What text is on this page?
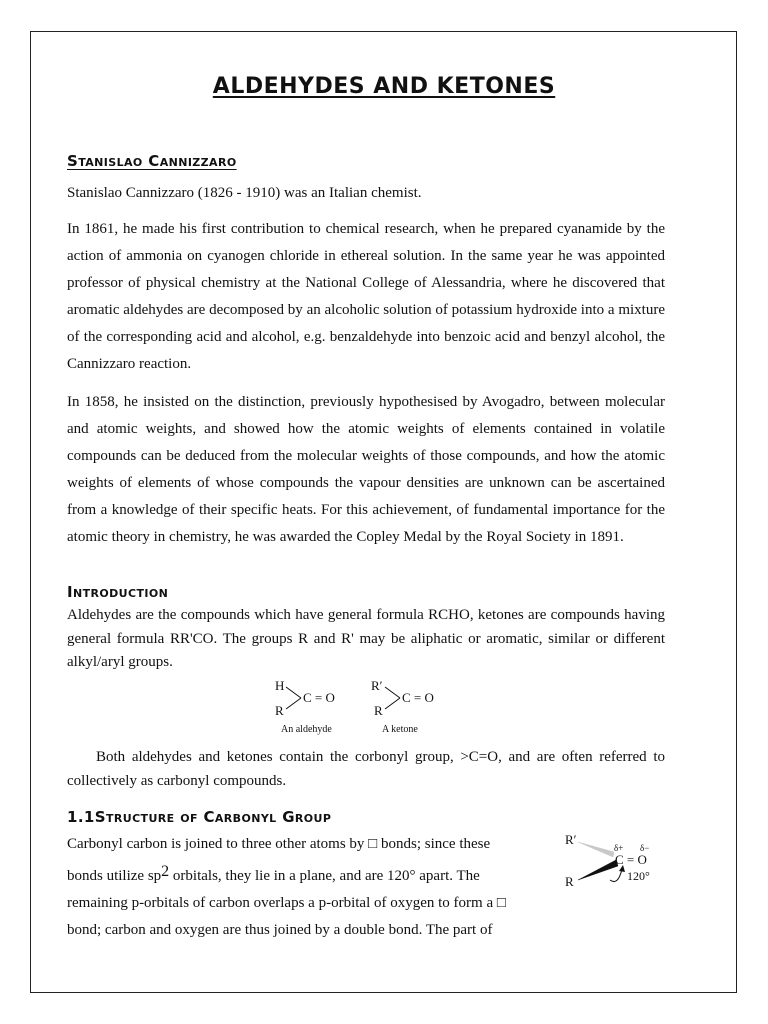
ALDEHYDES AND KETONES
Stanislao Cannizzaro
Stanislao Cannizzaro (1826 - 1910) was an Italian chemist.
In 1861, he made his first contribution to chemical research, when he prepared cyanamide by the action of ammonia on cyanogen chloride in ethereal solution. In the same year he was appointed professor of physical chemistry at the National College of Alessandria, where he discovered that aromatic aldehydes are decomposed by an alcoholic solution of potassium hydroxide into a mixture of the corresponding acid and alcohol, e.g. benzaldehyde into benzoic acid and benzyl alcohol, the Cannizzaro reaction.
In 1858, he insisted on the distinction, previously hypothesised by Avogadro, between molecular and atomic weights, and showed how the atomic weights of elements contained in volatile compounds can be deduced from the molecular weights of those compounds, and how the atomic weights of elements of whose compounds the vapour densities are unknown can be ascertained from a knowledge of their specific heats. For this achievement, of fundamental importance for the atomic theory in chemistry, he was awarded the Copley Medal by the Royal Society in 1891.
Introduction
Aldehydes are the compounds which have general formula RCHO, ketones are compounds having general formula RR'CO. The groups R and R' may be aliphatic or aromatic, similar or different alkyl/aryl groups.
H
R
C = O
An aldehyde
R′
R
C = O
A ketone
Both aldehydes and ketones contain the corbonyl group, >C=O, and are often referred to collectively as carbonyl compounds.
1.1Structure of Carbonyl Group
Carbonyl carbon is joined to three other atoms by □ bonds; since these
bonds utilize $sp^2$ orbitals, they lie in a plane, and are 120° apart. The
remaining p-orbitals of carbon overlaps a p-orbital of oxygen to form a □
bond; carbon and oxygen are thus joined by a double bond. The part of
R′
R
δ+ δ−
C = O
120°
